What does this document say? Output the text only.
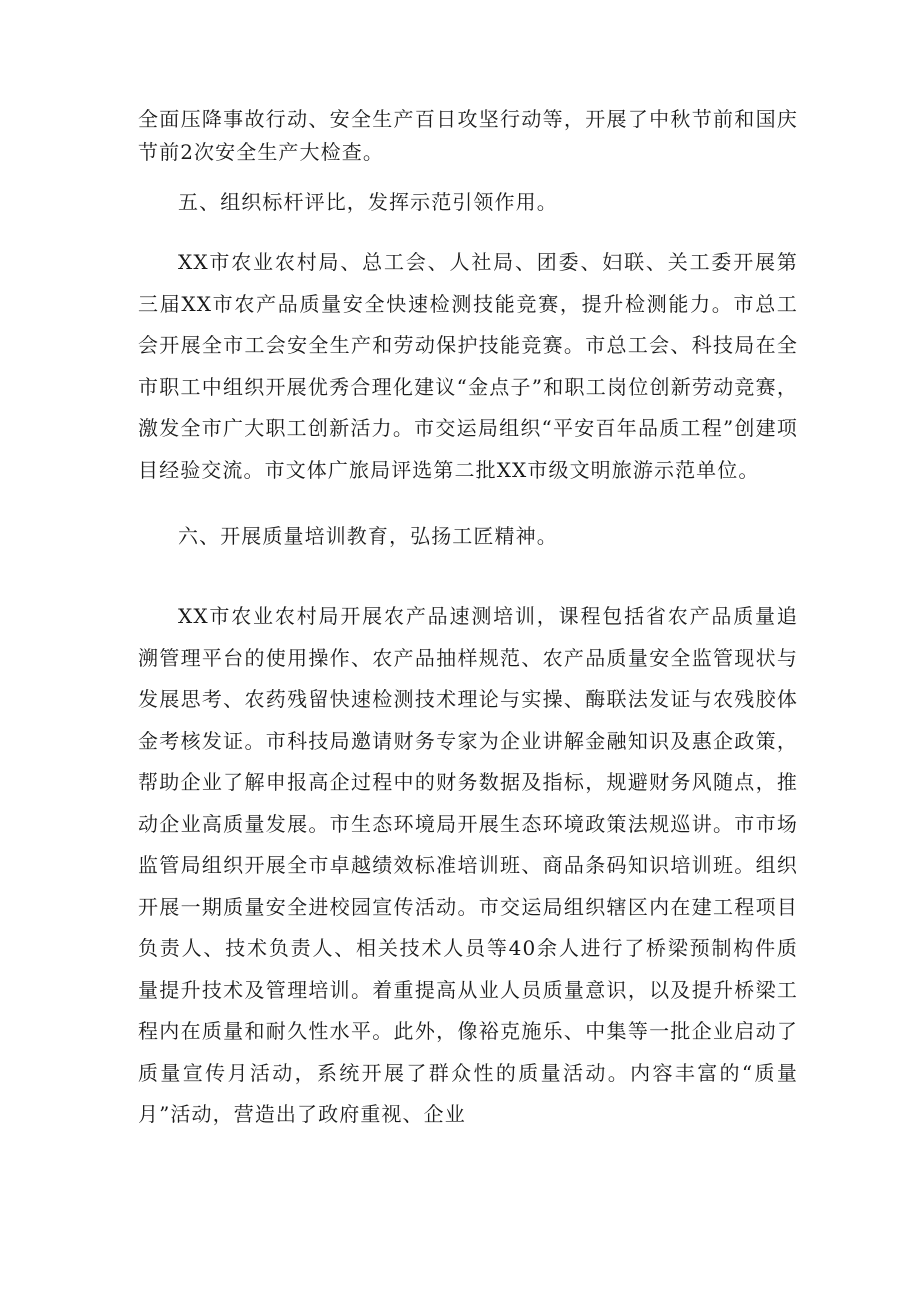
全面压降事故行动、安全生产百日攻坚行动等，开展了中秋节前和国庆节前2次安全生产大检查。

五、组织标杆评比，发挥示范引领作用。

XX市农业农村局、总工会、人社局、团委、妇联、关工委开展第三届XX市农产品质量安全快速检测技能竞赛，提升检测能力。市总工会开展全市工会安全生产和劳动保护技能竞赛。市总工会、科技局在全市职工中组织开展优秀合理化建议“金点子”和职工岗位创新劳动竞赛，激发全市广大职工创新活力。市交运局组织“平安百年品质工程”创建项目经验交流。市文体广旅局评选第二批XX市级文明旅游示范单位。

六、开展质量培训教育，弘扬工匠精神。

XX市农业农村局开展农产品速测培训，课程包括省农产品质量追溯管理平台的使用操作、农产品抽样规范、农产品质量安全监管现状与发展思考、农药残留快速检测技术理论与实操、酶联法发证与农残胶体金考核发证。市科技局邀请财务专家为企业讲解金融知识及惠企政策，帮助企业了解申报高企过程中的财务数据及指标，规避财务风随点，推动企业高质量发展。市生态环境局开展生态环境政策法规巡讲。市市场监管局组织开展全市卓越绩效标准培训班、商品条码知识培训班。组织开展一期质量安全进校园宣传活动。市交运局组织辖区内在建工程项目负责人、技术负责人、相关技术人员等40余人进行了桥梁预制构件质量提升技术及管理培训。着重提高从业人员质量意识，以及提升桥梁工程内在质量和耐久性水平。此外，像裕克施乐、中集等一批企业启动了质量宣传月活动，系统开展了群众性的质量活动。内容丰富的“质量月”活动，营造出了政府重视、企业
